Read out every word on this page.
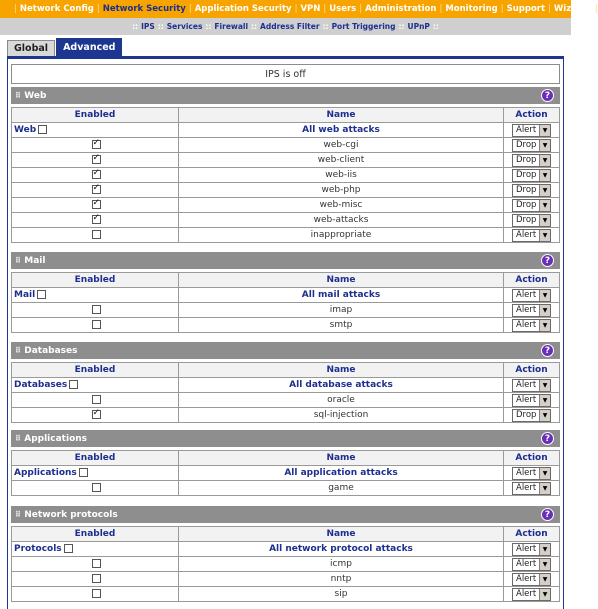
| Network Config | Network Security | Application Security | VPN | Users | Administration | Monitoring | Support | Wizards |
:: IPS :: Services :: Firewall :: Address Filter :: Port Triggering :: UPnP ::
Global	Advanced
IPS is off
⠿ Web	?
Enabled	Name	Action
Web	All web attacks	Alert ▼

✓	web-cgi	Drop ▼

✓	web-client	Drop ▼

✓	web-iis	Drop ▼

✓	web-php	Drop ▼

✓	web-misc	Drop ▼

✓	web-attacks	Drop ▼

	inappropriate	Alert ▼
⠿ Mail	?
Enabled	Name	Action
Mail	All mail attacks	Alert ▼

	imap	Alert ▼

	smtp	Alert ▼
⠿ Databases	?
Enabled	Name	Action
Databases	All database attacks	Alert ▼

	oracle	Alert ▼

✓	sql-injection	Drop ▼
⠿ Applications	?
Enabled	Name	Action
Applications	All application attacks	Alert ▼

	game	Alert ▼
⠿ Network protocols	?
Enabled	Name	Action
Protocols	All network protocol attacks	Alert ▼

	icmp	Alert ▼

	nntp	Alert ▼

	sip	Alert ▼
